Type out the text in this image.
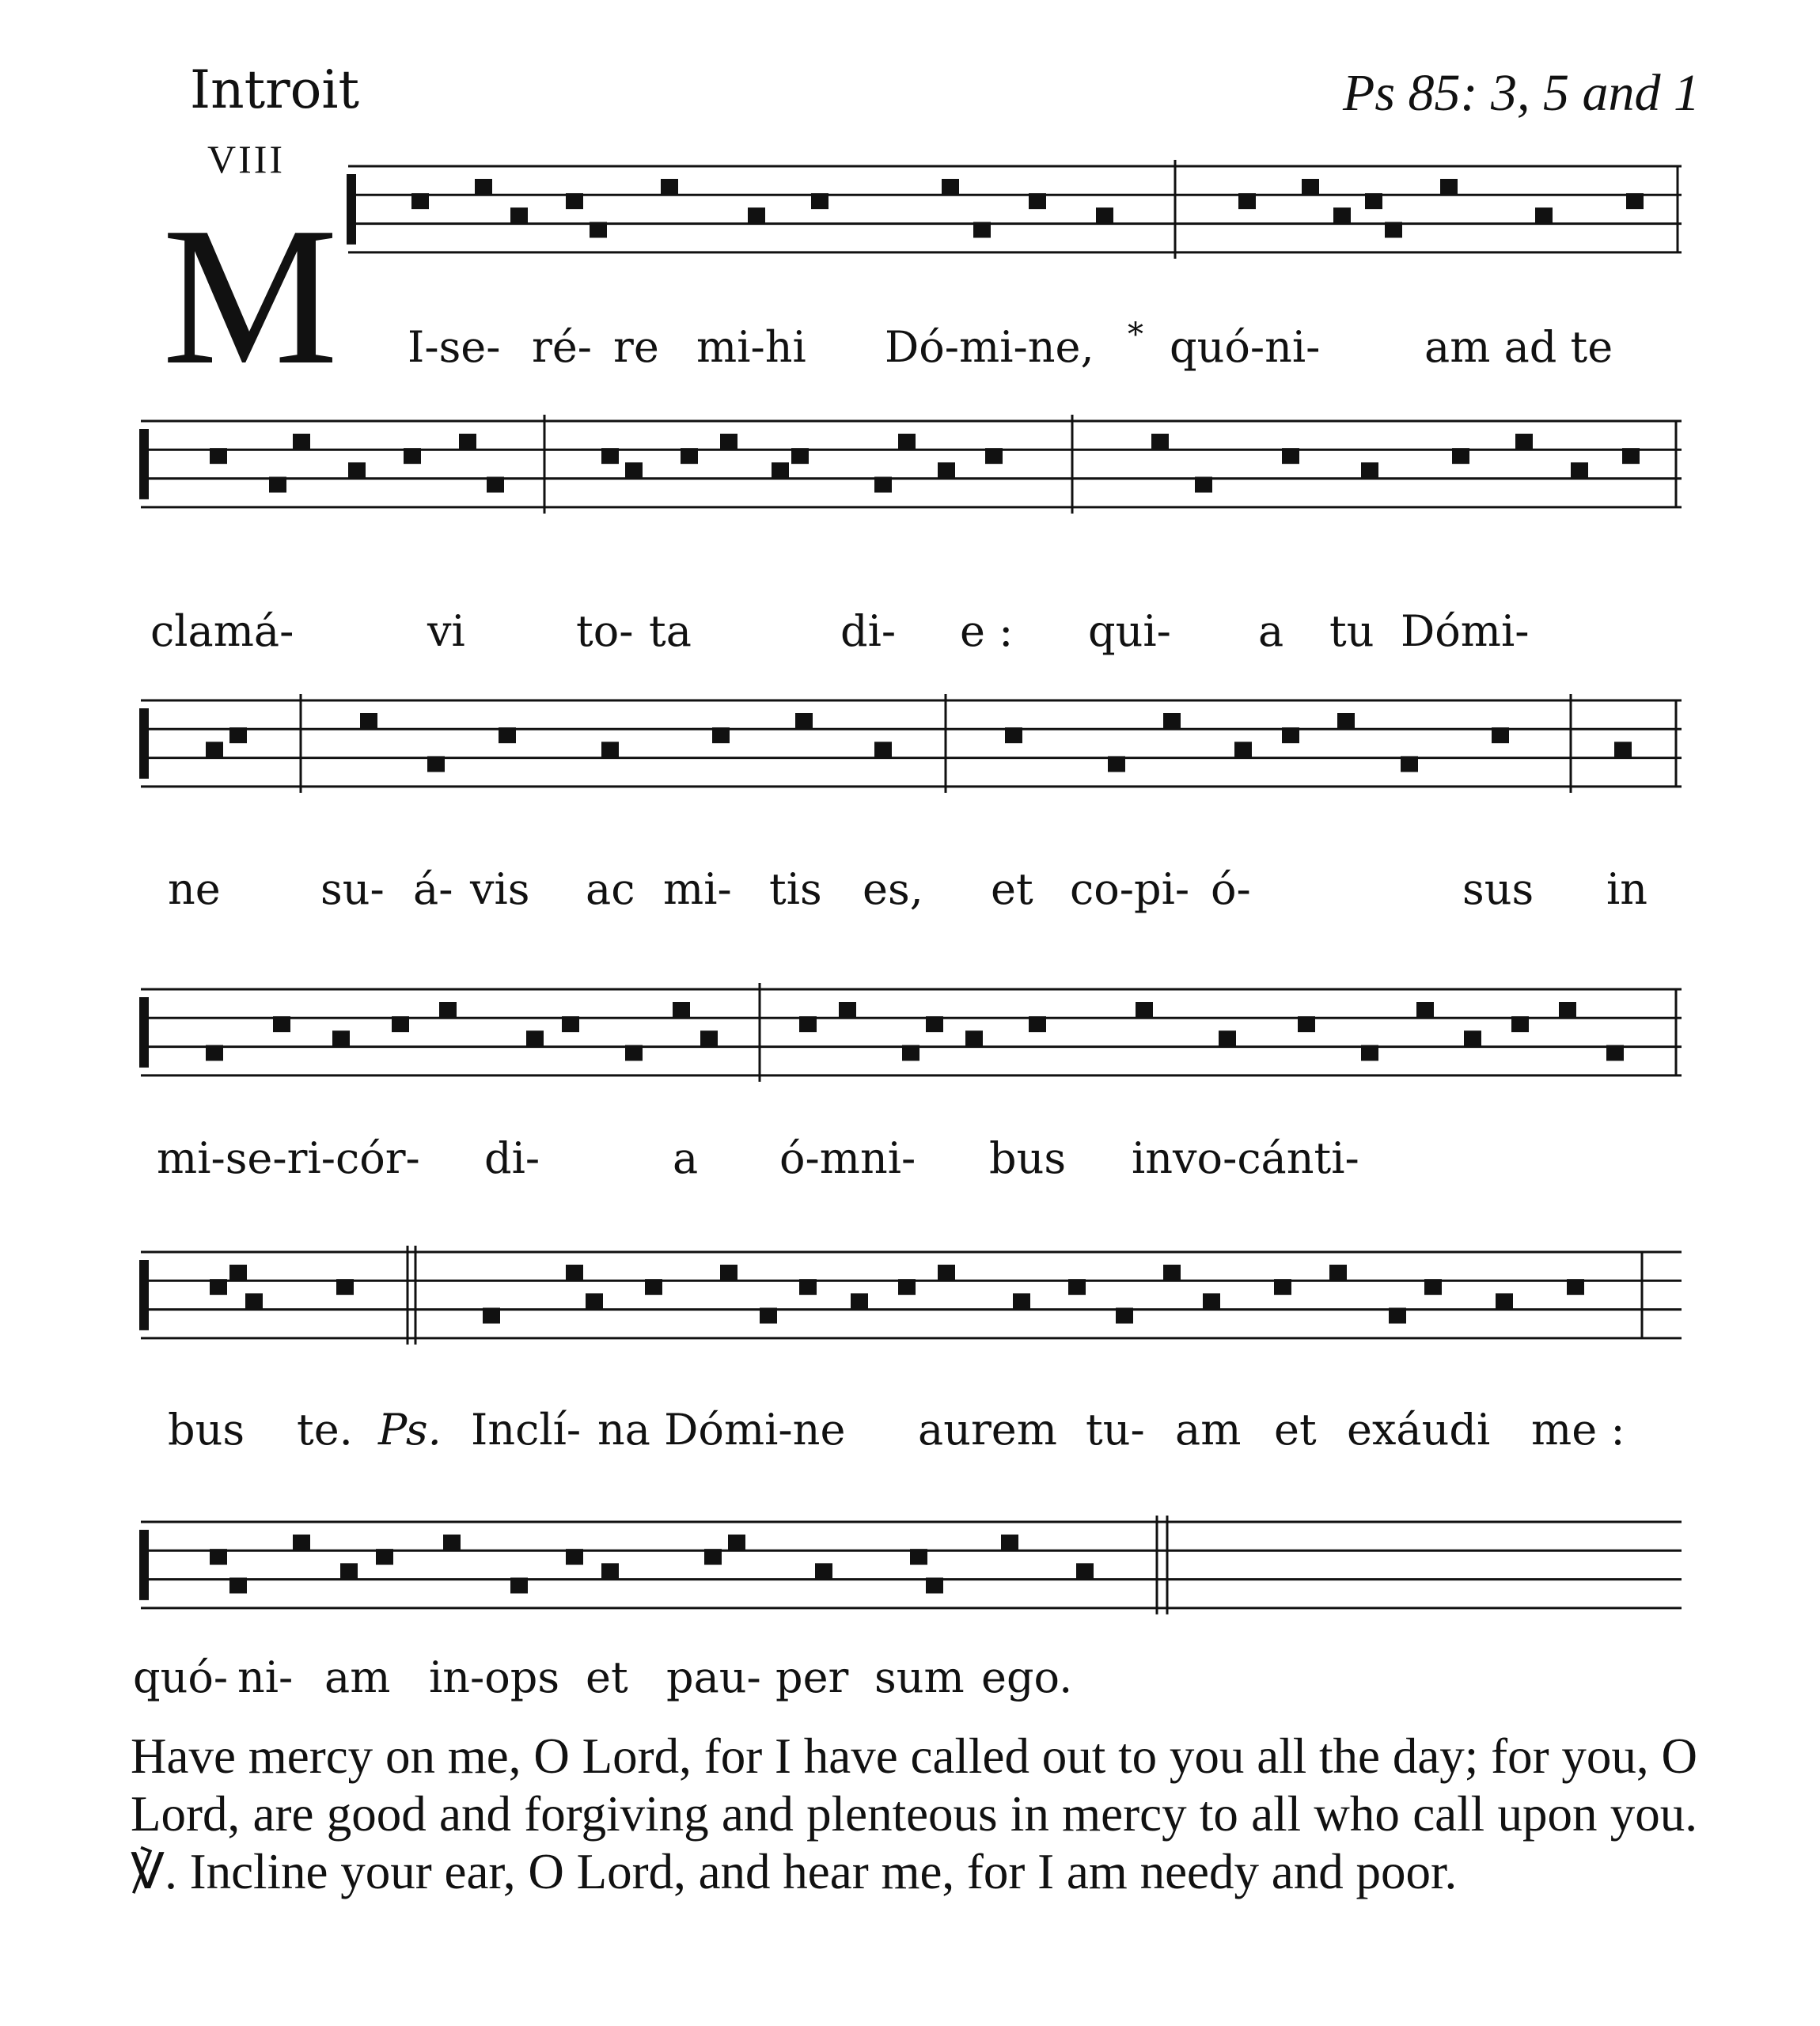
Introit	Ps 85: 3, 5 and 1
VIII
M I-se- ré- re mi-hi Dó-mi-ne, * quó-ni- am ad te
clamá-	vi	to- ta	di- e : qui- a tu Dómi-
ne su- á- vis ac mi- tis es, et co-pi- ó-	sus in
mi-se-ri-cór- di-	a ó-mni- bus invo-cánti-
bus te. Ps. Inclí- na Dómi-ne aurem tu- am et exáudi me :
quó- ni- am in-ops et pau- per sum ego.
Have mercy on me, O Lord, for I have called out to you all the day; for you, O Lord, are good and forgiving and plenteous in mercy to all who call upon you. ℣. Incline your ear, O Lord, and hear me, for I am needy and poor.
